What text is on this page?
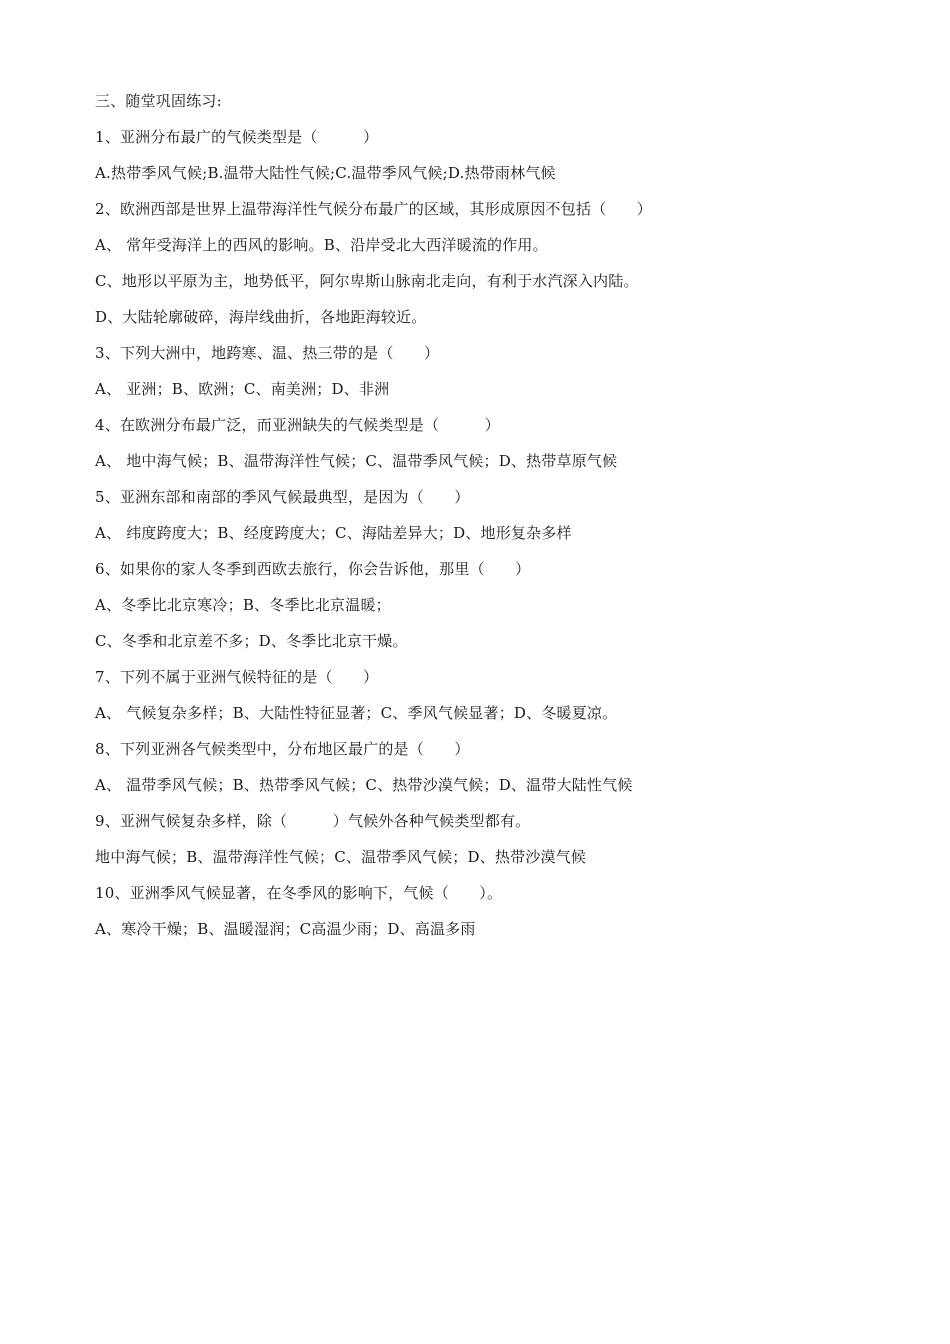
三、随堂巩固练习:
1、亚洲分布最广的气候类型是（　　　）
A.热带季风气候;B.温带大陆性气候;C.温带季风气候;D.热带雨林气候
2、欧洲西部是世界上温带海洋性气候分布最广的区域，其形成原因不包括（　　）
A、 常年受海洋上的西风的影响。B、沿岸受北大西洋暖流的作用。
C、地形以平原为主，地势低平，阿尔卑斯山脉南北走向，有利于水汽深入内陆。
D、大陆轮廓破碎，海岸线曲折，各地距海较近。
3、下列大洲中，地跨寒、温、热三带的是（　　）
A、 亚洲；B、欧洲；C、南美洲；D、非洲
4、在欧洲分布最广泛，而亚洲缺失的气候类型是（　　　）
A、 地中海气候；B、温带海洋性气候；C、温带季风气候；D、热带草原气候
5、亚洲东部和南部的季风气候最典型，是因为（　　）
A、 纬度跨度大；B、经度跨度大；C、海陆差异大；D、地形复杂多样
6、如果你的家人冬季到西欧去旅行，你会告诉他，那里（　　）
A、冬季比北京寒冷；B、冬季比北京温暖；
C、冬季和北京差不多；D、冬季比北京干燥。
7、下列不属于亚洲气候特征的是（　　）
A、 气候复杂多样；B、大陆性特征显著；C、季风气候显著；D、冬暖夏凉。
8、下列亚洲各气候类型中，分布地区最广的是（　　）
A、 温带季风气候；B、热带季风气候；C、热带沙漠气候；D、温带大陆性气候
9、亚洲气候复杂多样，除（　　　）气候外各种气候类型都有。
地中海气候；B、温带海洋性气候；C、温带季风气候；D、热带沙漠气候
10、亚洲季风气候显著，在冬季风的影响下，气候（　　）。
A、寒冷干燥；B、温暖湿润；C高温少雨；D、高温多雨
